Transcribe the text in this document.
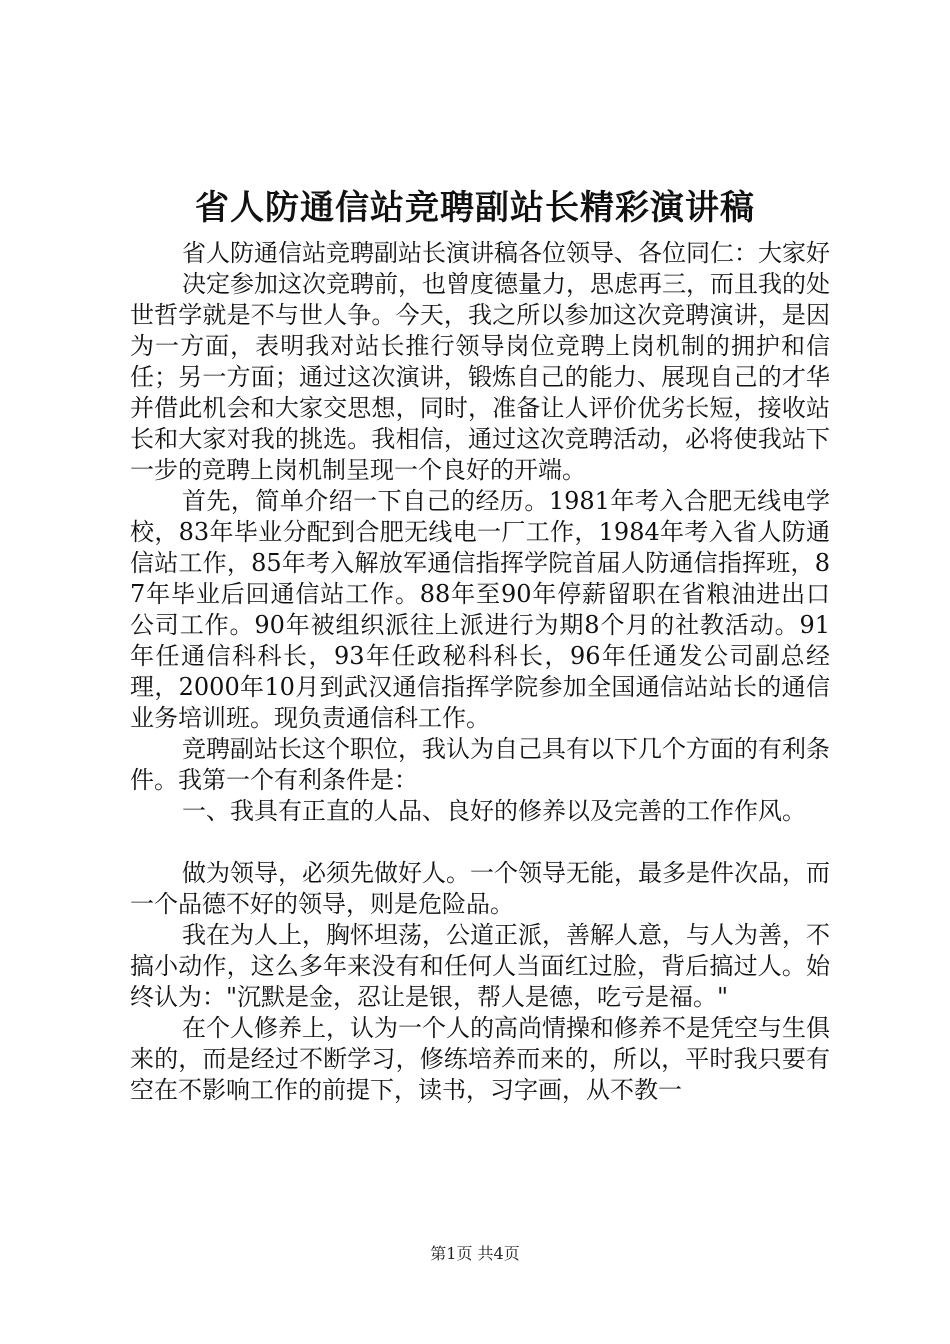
省人防通信站竞聘副站长精彩演讲稿

省人防通信站竞聘副站长演讲稿各位领导、各位同仁：大家好

决定参加这次竞聘前，也曾度德量力，思虑再三，而且我的处世哲学就是不与世人争。今天，我之所以参加这次竞聘演讲，是因为一方面，表明我对站长推行领导岗位竞聘上岗机制的拥护和信任；另一方面；通过这次演讲，锻炼自己的能力、展现自己的才华并借此机会和大家交思想，同时，准备让人评价优劣长短，接收站长和大家对我的挑选。我相信，通过这次竞聘活动，必将使我站下一步的竞聘上岗机制呈现一个良好的开端。

首先，简单介绍一下自己的经历。1981年考入合肥无线电学校，83年毕业分配到合肥无线电一厂工作，1984年考入省人防通信站工作，85年考入解放军通信指挥学院首届人防通信指挥班，87年毕业后回通信站工作。88年至90年停薪留职在省粮油进出口公司工作。90年被组织派往上派进行为期8个月的社教活动。91年任通信科科长，93年任政秘科科长，96年任通发公司副总经理，2000年10月到武汉通信指挥学院参加全国通信站站长的通信业务培训班。现负责通信科工作。

竞聘副站长这个职位，我认为自己具有以下几个方面的有利条件。我第一个有利条件是：

一、我具有正直的人品、良好的修养以及完善的工作作风。

做为领导，必须先做好人。一个领导无能，最多是件次品，而一个品德不好的领导，则是危险品。

我在为人上，胸怀坦荡，公道正派，善解人意，与人为善，不搞小动作，这么多年来没有和任何人当面红过脸，背后搞过人。始终认为："沉默是金，忍让是银，帮人是德，吃亏是福。"

在个人修养上，认为一个人的高尚情操和修养不是凭空与生俱来的，而是经过不断学习，修练培养而来的，所以，平时我只要有空在不影响工作的前提下，读书，习字画，从不教一

第1页 共4页
